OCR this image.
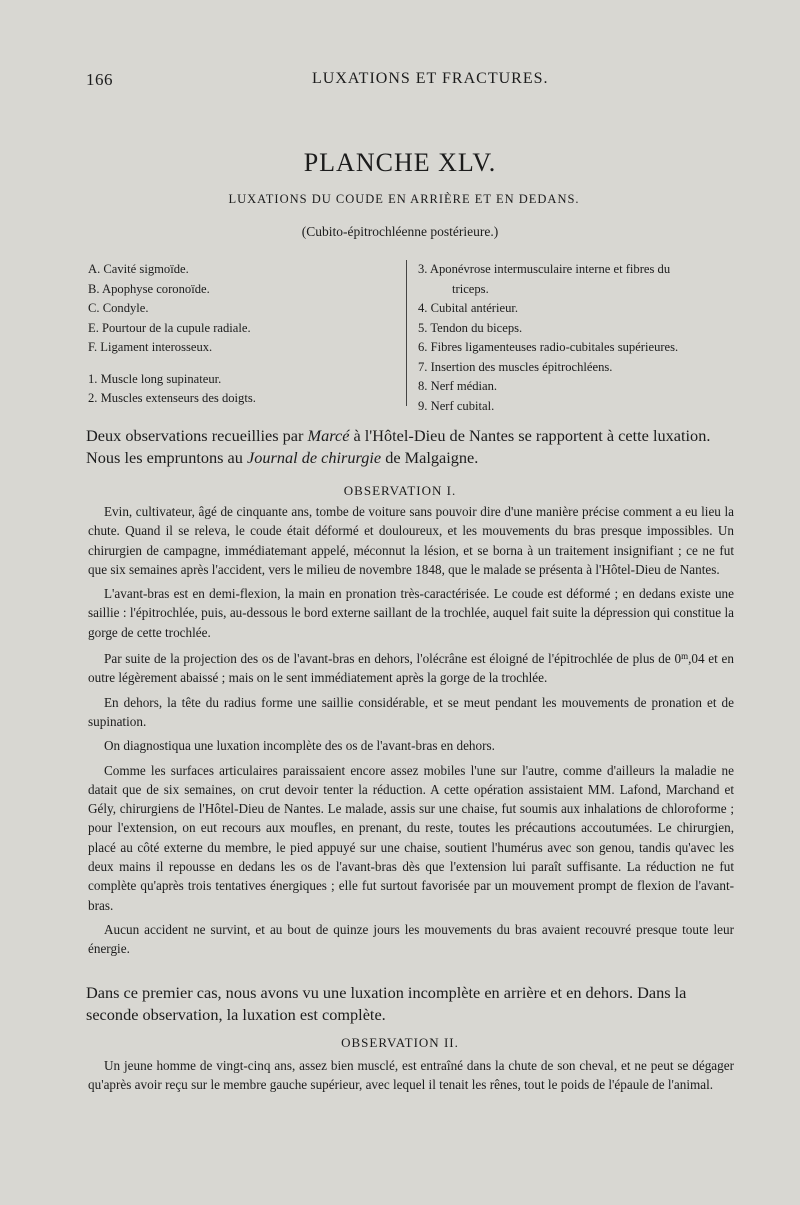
166	LUXATIONS ET FRACTURES.
PLANCHE XLV.
LUXATIONS DU COUDE EN ARRIÈRE ET EN DEDANS.
(Cubito-épitrochléenne postérieure.)
A. Cavité sigmoïde.
B. Apophyse coronoïde.
C. Condyle.
E. Pourtour de la cupule radiale.
F. Ligament interosseux.
1. Muscle long supinateur.
2. Muscles extenseurs des doigts.
3. Aponévrose intermusculaire interne et fibres du
triceps.
4. Cubital antérieur.
5. Tendon du biceps.
6. Fibres ligamenteuses radio-cubitales supérieures.
7. Insertion des muscles épitrochléens.
8. Nerf médian.
9. Nerf cubital.
Deux observations recueillies par Marcé à l'Hôtel-Dieu de Nantes se rapportent à cette luxation. Nous les empruntons au Journal de chirurgie de Malgaigne.
OBSERVATION I.

Evin, cultivateur, âgé de cinquante ans, tombe de voiture sans pouvoir dire d'une manière précise comment a eu lieu la chute. Quand il se releva, le coude était déformé et douloureux, et les mouvements du bras presque impossibles. Un chirurgien de campagne, immédiatemant appelé, méconnut la lésion, et se borna à un traitement insignifiant ; ce ne fut que six semaines après l'accident, vers le milieu de novembre 1848, que le malade se présenta à l'Hôtel-Dieu de Nantes.

L'avant-bras est en demi-flexion, la main en pronation très-caractérisée. Le coude est déformé ; en dedans existe une saillie : l'épitrochlée, puis, au-dessous le bord externe saillant de la trochlée, auquel fait suite la dépression qui constitue la gorge de cette trochlée.

Par suite de la projection des os de l'avant-bras en dehors, l'olécrâne est éloigné de l'épitrochlée de plus de 0$^m$,04 et en outre légèrement abaissé ; mais on le sent immédiatement après la gorge de la trochlée.

En dehors, la tête du radius forme une saillie considérable, et se meut pendant les mouvements de pronation et de supination.

On diagnostiqua une luxation incomplète des os de l'avant-bras en dehors.

Comme les surfaces articulaires paraissaient encore assez mobiles l'une sur l'autre, comme d'ailleurs la maladie ne datait que de six semaines, on crut devoir tenter la réduction. A cette opération assistaient MM. Lafond, Marchand et Gély, chirurgiens de l'Hôtel-Dieu de Nantes. Le malade, assis sur une chaise, fut soumis aux inhalations de chloroforme ; pour l'extension, on eut recours aux moufles, en prenant, du reste, toutes les précautions accoutumées. Le chirurgien, placé au côté externe du membre, le pied appuyé sur une chaise, soutient l'humérus avec son genou, tandis qu'avec les deux mains il repousse en dedans les os de l'avant-bras dès que l'extension lui paraît suffisante. La réduction ne fut complète qu'après trois tentatives énergiques ; elle fut surtout favorisée par un mouvement prompt de flexion de l'avant-bras.

Aucun accident ne survint, et au bout de quinze jours les mouvements du bras avaient recouvré presque toute leur énergie.

Dans ce premier cas, nous avons vu une luxation incomplète en arrière et en dehors. Dans la seconde observation, la luxation est complète.
OBSERVATION II.

Un jeune homme de vingt-cinq ans, assez bien musclé, est entraîné dans la chute de son cheval, et ne peut se dégager qu'après avoir reçu sur le membre gauche supérieur, avec lequel il tenait les rênes, tout le poids de l'épaule de l'animal.
